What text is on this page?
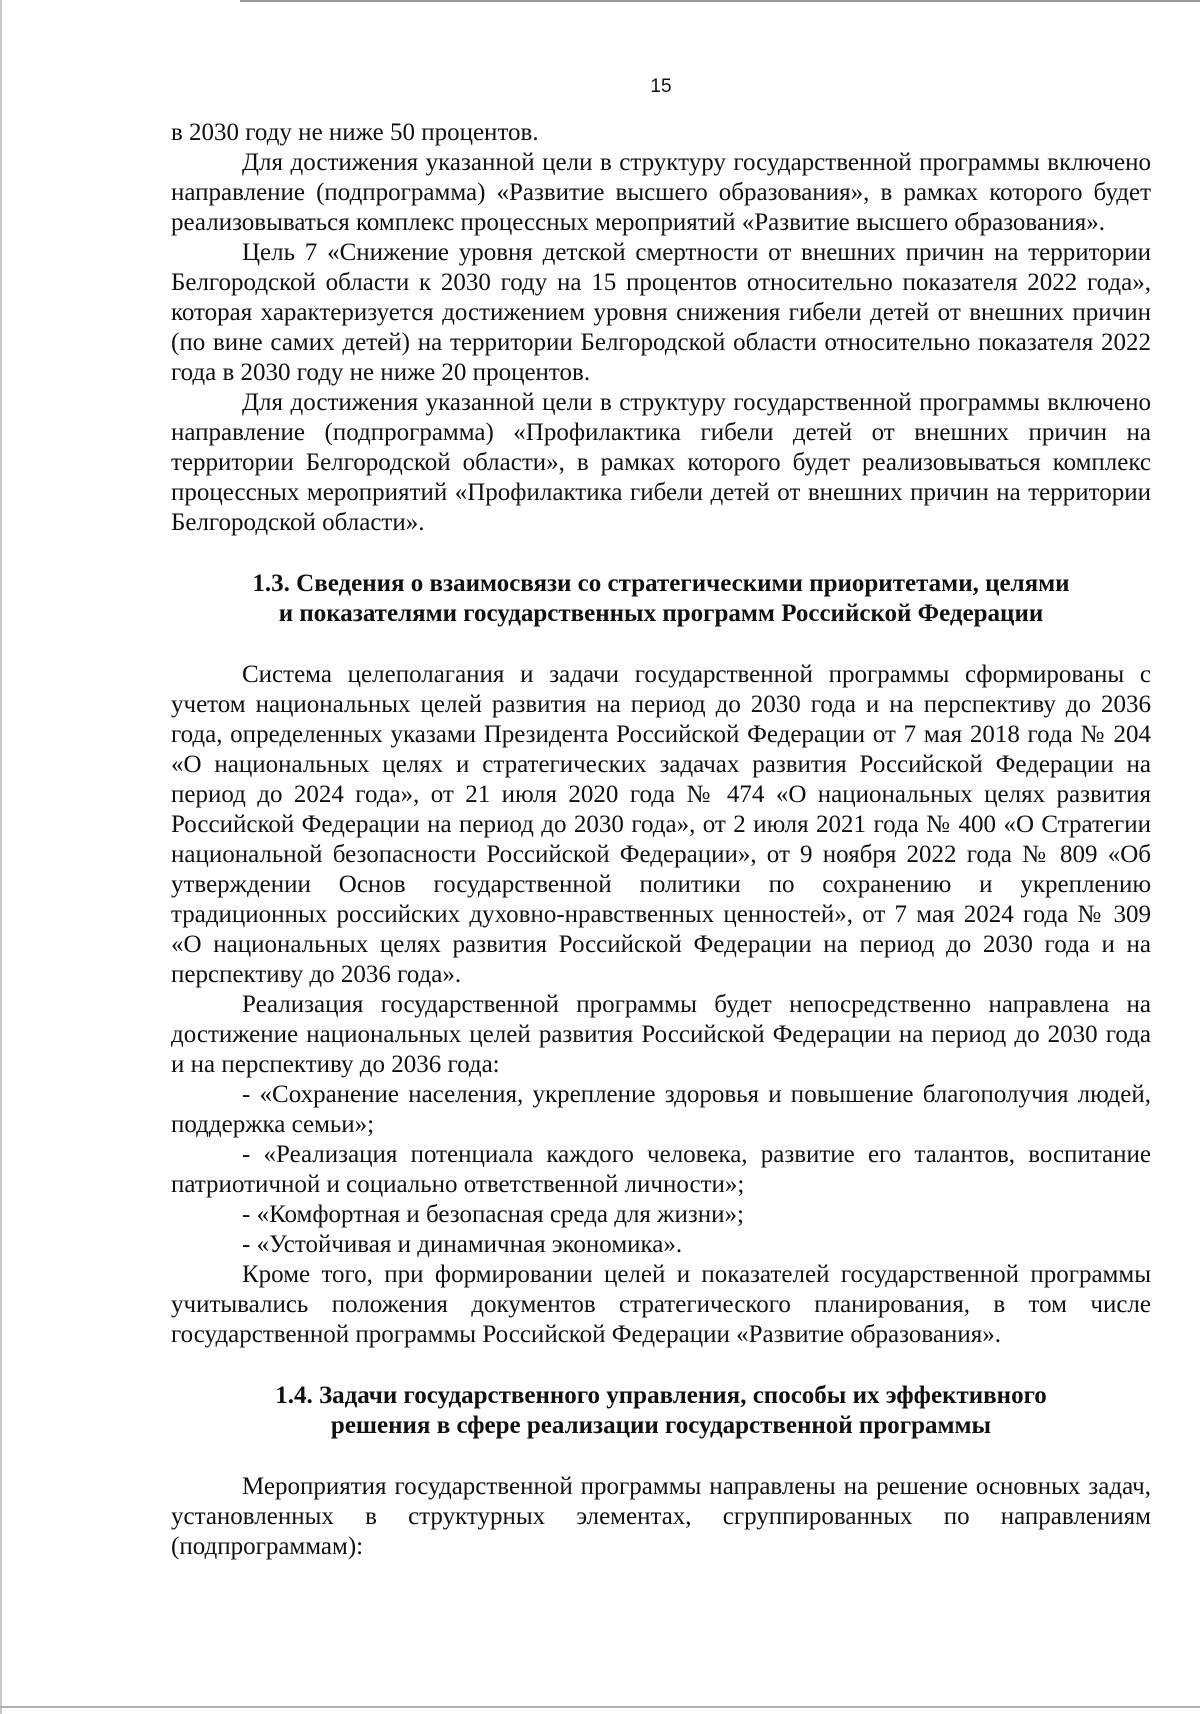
15

в 2030 году не ниже 50 процентов.

Для достижения указанной цели в структуру государственной программы включено направление (подпрограмма) «Развитие высшего образования», в рамках которого будет реализовываться комплекс процессных мероприятий «Развитие высшего образования».

Цель 7 «Снижение уровня детской смертности от внешних причин на территории Белгородской области к 2030 году на 15 процентов относительно показателя 2022 года», которая характеризуется достижением уровня снижения гибели детей от внешних причин (по вине самих детей) на территории Белгородской области относительно показателя 2022 года в 2030 году не ниже 20 процентов.

Для достижения указанной цели в структуру государственной программы включено направление (подпрограмма) «Профилактика гибели детей от внешних причин на территории Белгородской области», в рамках которого будет реализовываться комплекс процессных мероприятий «Профилактика гибели детей от внешних причин на территории Белгородской области».

1.3. Сведения о взаимосвязи со стратегическими приоритетами, целями
и показателями государственных программ Российской Федерации

Система целеполагания и задачи государственной программы сформированы с учетом национальных целей развития на период до 2030 года и на перспективу до 2036 года, определенных указами Президента Российской Федерации от 7 мая 2018 года № 204 «О национальных целях и стратегических задачах развития Российской Федерации на период до 2024 года», от 21 июля 2020 года № 474 «О национальных целях развития Российской Федерации на период до 2030 года», от 2 июля 2021 года № 400 «О Стратегии национальной безопасности Российской Федерации», от 9 ноября 2022 года № 809 «Об утверждении Основ государственной политики по сохранению и укреплению традиционных российских духовно-нравственных ценностей», от 7 мая 2024 года № 309 «О национальных целях развития Российской Федерации на период до 2030 года и на перспективу до 2036 года».

Реализация государственной программы будет непосредственно направлена на достижение национальных целей развития Российской Федерации на период до 2030 года и на перспективу до 2036 года:

- «Сохранение населения, укрепление здоровья и повышение благополучия людей, поддержка семьи»;

- «Реализация потенциала каждого человека, развитие его талантов, воспитание патриотичной и социально ответственной личности»;

- «Комфортная и безопасная среда для жизни»;

- «Устойчивая и динамичная экономика».

Кроме того, при формировании целей и показателей государственной программы учитывались положения документов стратегического планирования, в том числе государственной программы Российской Федерации «Развитие образования».

1.4. Задачи государственного управления, способы их эффективного
решения в сфере реализации государственной программы

Мероприятия государственной программы направлены на решение основных задач, установленных в структурных элементах, сгруппированных по направлениям (подпрограммам):
